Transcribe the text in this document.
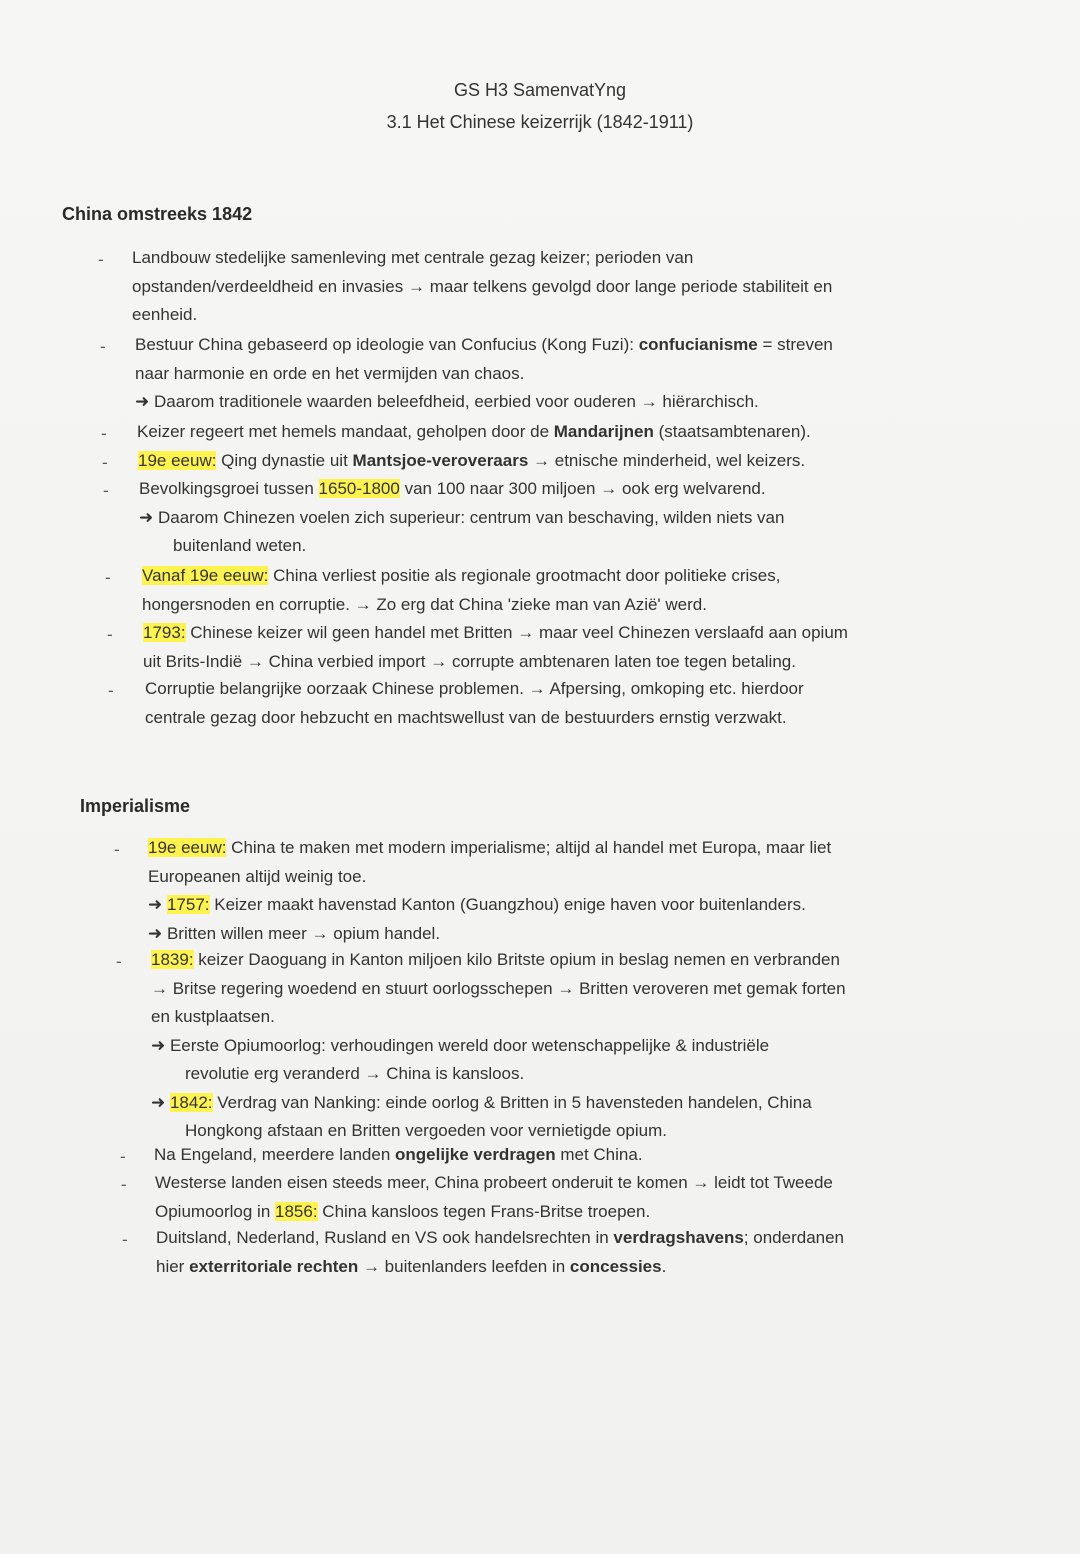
GS H3 SamenvatYng
3.1 Het Chinese keizerrijk (1842-1911)
China omstreeks 1842
- Landbouw stedelijke samenleving met centrale gezag keizer; perioden van
opstanden/verdeeldheid en invasies → maar telkens gevolgd door lange periode stabiliteit en
eenheid.
- Bestuur China gebaseerd op ideologie van Confucius (Kong Fuzi): confucianisme = streven
naar harmonie en orde en het vermijden van chaos.
➜ Daarom traditionele waarden beleefdheid, eerbied voor ouderen → hiërarchisch.
- Keizer regeert met hemels mandaat, geholpen door de Mandarijnen (staatsambtenaren).
- 19e eeuw: Qing dynastie uit Mantsjoe-veroveraars → etnische minderheid, wel keizers.
- Bevolkingsgroei tussen 1650-1800 van 100 naar 300 miljoen → ook erg welvarend.
➜ Daarom Chinezen voelen zich superieur: centrum van beschaving, wilden niets van
buitenland weten.
- Vanaf 19e eeuw: China verliest positie als regionale grootmacht door politieke crises,
hongersnoden en corruptie. → Zo erg dat China 'zieke man van Azië' werd.
- 1793: Chinese keizer wil geen handel met Britten → maar veel Chinezen verslaafd aan opium
uit Brits-Indië → China verbied import → corrupte ambtenaren laten toe tegen betaling.
- Corruptie belangrijke oorzaak Chinese problemen. → Afpersing, omkoping etc. hierdoor
centrale gezag door hebzucht en machtswellust van de bestuurders ernstig verzwakt.
Imperialisme
- 19e eeuw: China te maken met modern imperialisme; altijd al handel met Europa, maar liet
Europeanen altijd weinig toe.
➜ 1757: Keizer maakt havenstad Kanton (Guangzhou) enige haven voor buitenlanders.
➜ Britten willen meer → opium handel.
- 1839: keizer Daoguang in Kanton miljoen kilo Britste opium in beslag nemen en verbranden
→ Britse regering woedend en stuurt oorlogsschepen → Britten veroveren met gemak forten
en kustplaatsen.
➜ Eerste Opiumoorlog: verhoudingen wereld door wetenschappelijke & industriële
revolutie erg veranderd → China is kansloos.
➜ 1842: Verdrag van Nanking: einde oorlog & Britten in 5 havensteden handelen, China
Hongkong afstaan en Britten vergoeden voor vernietigde opium.
- Na Engeland, meerdere landen ongelijke verdragen met China.
- Westerse landen eisen steeds meer, China probeert onderuit te komen → leidt tot Tweede
Opiumoorlog in 1856: China kansloos tegen Frans-Britse troepen.
- Duitsland, Nederland, Rusland en VS ook handelsrechten in verdragshavens; onderdanen
hier exterritoriale rechten → buitenlanders leefden in concessies.
